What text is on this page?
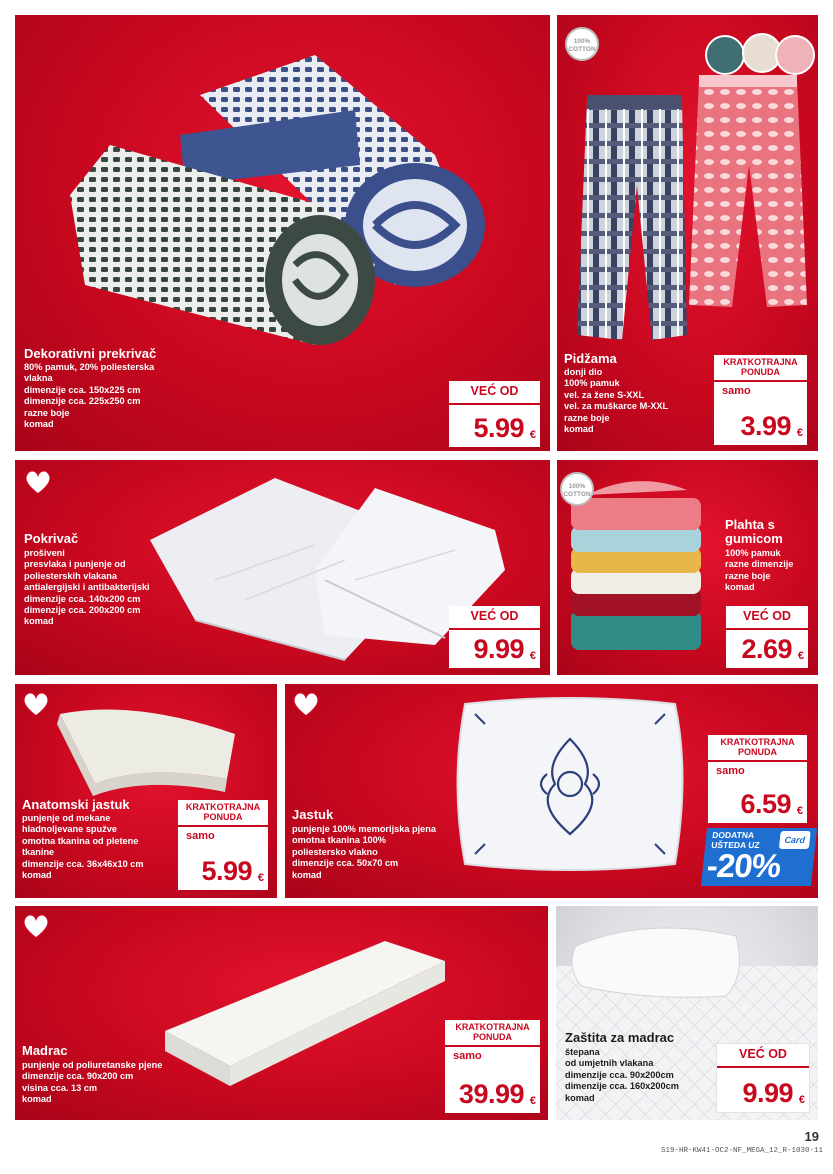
Dekorativni prekrivač
80% pamuk, 20% poliesterska
vlakna
dimenzije cca. 150x225 cm
dimenzije cca. 225x250 cm
razne boje
komad
VEĆ OD
5.99 €
100%
COTTON
Pidžama
donji dio
100% pamuk
vel. za žene S-XXL
vel. za muškarce M-XXL
razne boje
komad
KRATKOTRAJNA
PONUDA
samo
3.99 €
Pokrivač
prošiveni
presvlaka i punjenje od
poliesterskih vlakana
antialergijski i antibakterijski
dimenzije cca. 140x200 cm
dimenzije cca. 200x200 cm
komad	VEĆ OD
9.99 €
100%
COTTON
Plahta s
gumicom
100% pamuk
razne dimenzije
razne boje
komad
VEĆ OD
2.69 €
Anatomski jastuk
punjenje od mekane
hladnoljevane spužve
omotna tkanina od pletene
tkanine
dimenzije cca. 36x46x10 cm
komad
KRATKOTRAJNA
PONUDA
samo
5.99 €
Jastuk
punjenje 100% memorijska pjena
omotna tkanina 100%
poliestersko vlakno
dimenzije cca. 50x70 cm
komad
KRATKOTRAJNA
PONUDA
samo
6.59 €
DODATNA
UŠTEDA UZ	Card
-20%
Madrac
punjenje od poliuretanske pjene
dimenzije cca. 90x200 cm
visina cca. 13 cm
komad
KRATKOTRAJNA
PONUDA
samo
39.99 €
Zaštita za madrac
štepana
od umjetnih vlakana
dimenzije cca. 90x200cm
dimenzije cca. 160x200cm
komad
VEĆ OD
9.99 €
19
S19-HR-KW41-OC2-NF_MEGA_12_R-1030-11
